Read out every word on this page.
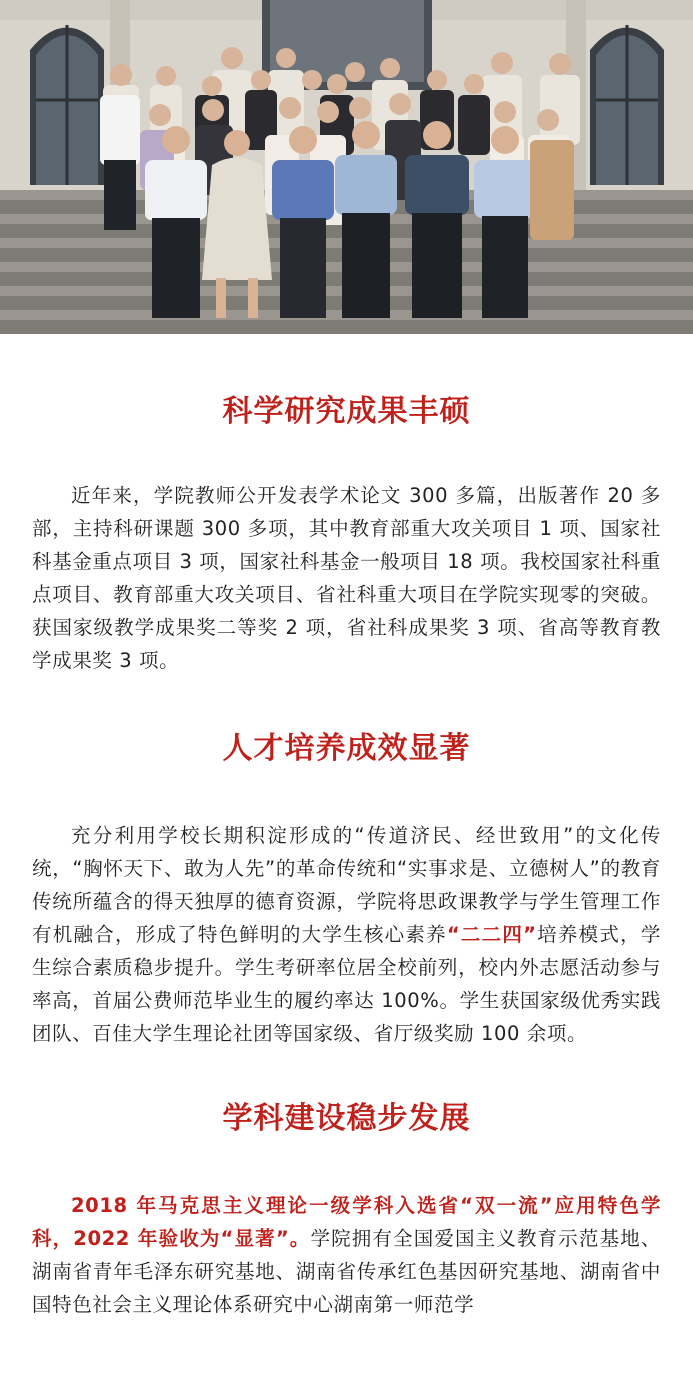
科学研究成果丰硕

近年来，学院教师公开发表学术论文 300 多篇，出版著作 20 多部，主持科研课题 300 多项，其中教育部重大攻关项目 1 项、国家社科基金重点项目 3 项，国家社科基金一般项目 18 项。我校国家社科重点项目、教育部重大攻关项目、省社科重大项目在学院实现零的突破。获国家级教学成果奖二等奖 2 项，省社科成果奖 3 项、省高等教育教学成果奖 3 项。

人才培养成效显著

充分利用学校长期积淀形成的“传道济民、经世致用”的文化传统，“胸怀天下、敢为人先”的革命传统和“实事求是、立德树人”的教育传统所蕴含的得天独厚的德育资源，学院将思政课教学与学生管理工作有机融合，形成了特色鲜明的大学生核心素养“二二四”培养模式，学生综合素质稳步提升。学生考研率位居全校前列，校内外志愿活动参与率高，首届公费师范毕业生的履约率达 100%。学生获国家级优秀实践团队、百佳大学生理论社团等国家级、省厅级奖励 100 余项。

学科建设稳步发展

2018 年马克思主义理论一级学科入选省“双一流”应用特色学科，2022 年验收为“显著”。学院拥有全国爱国主义教育示范基地、湖南省青年毛泽东研究基地、湖南省传承红色基因研究基地、湖南省中国特色社会主义理论体系研究中心湖南第一师范学
